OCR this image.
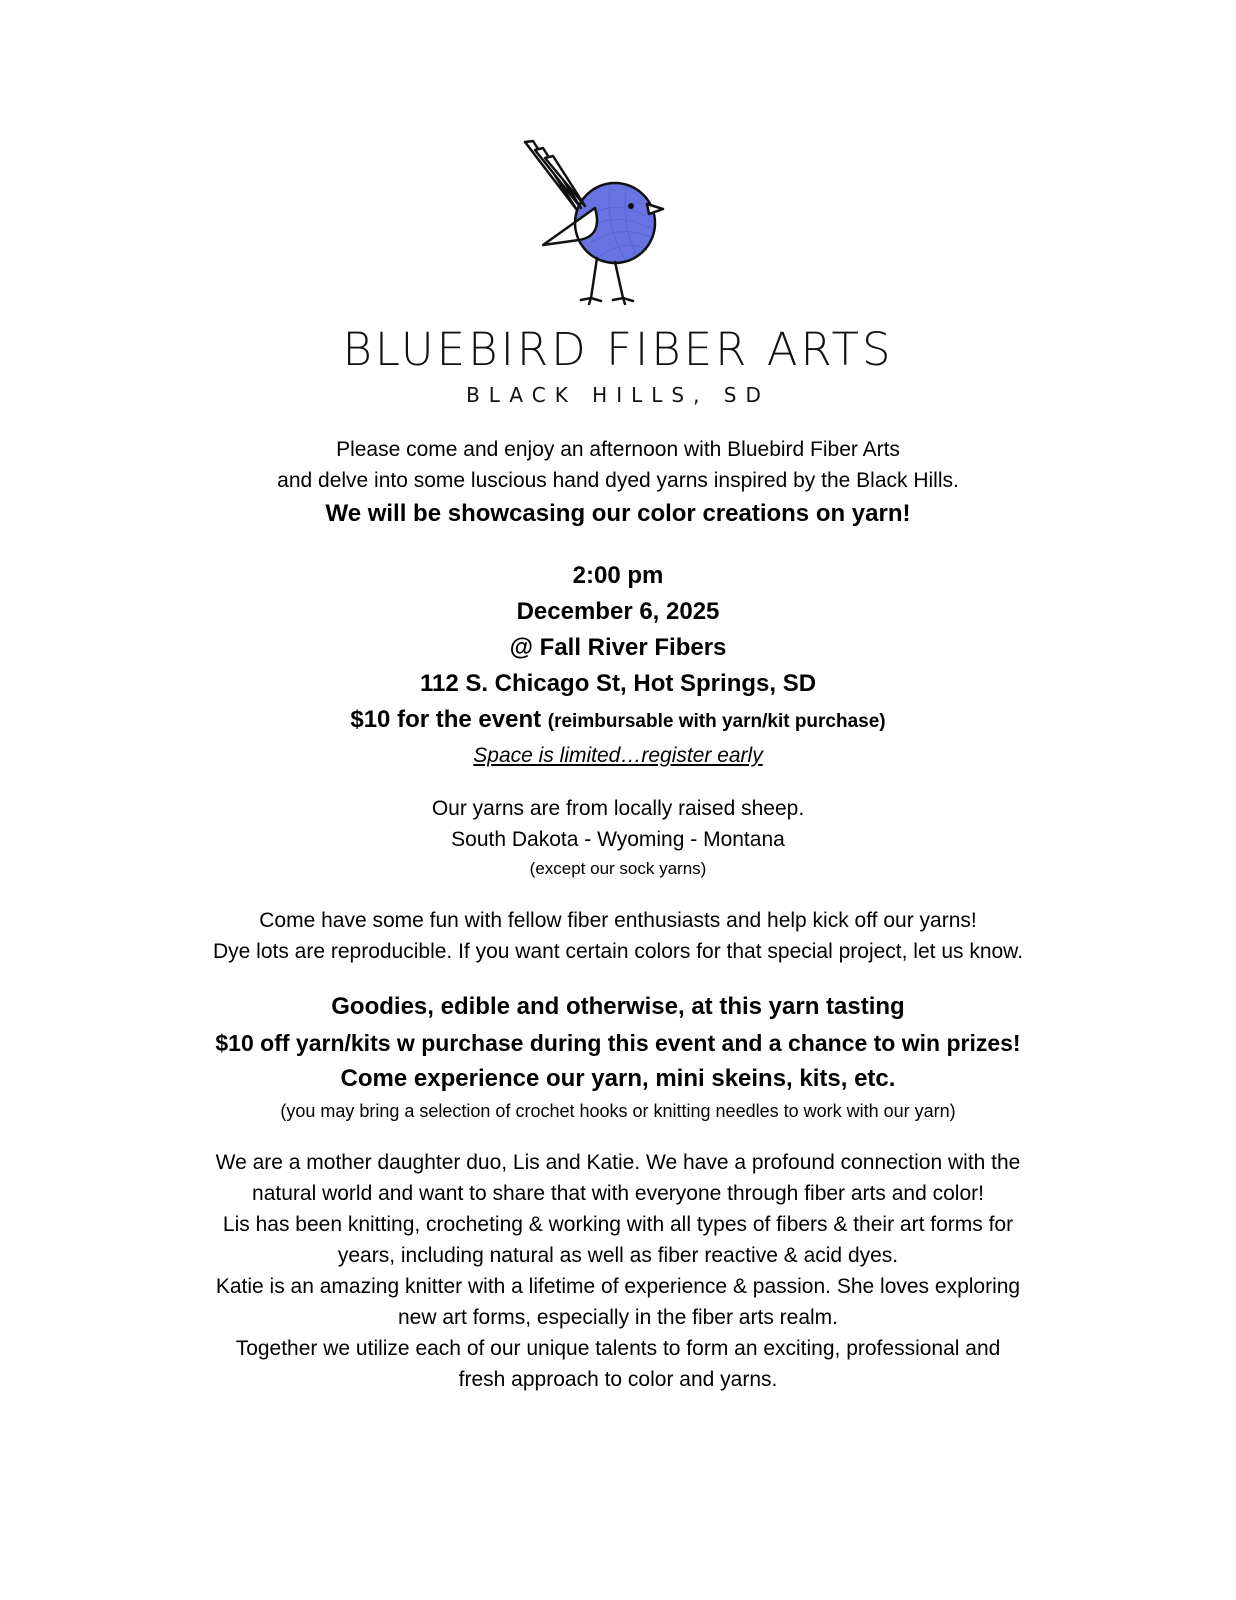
BLUEBIRD FIBER ARTS
BLACK HILLS, SD
Please come and enjoy an afternoon with Bluebird Fiber Arts
and delve into some luscious hand dyed yarns inspired by the Black Hills.
We will be showcasing our color creations on yarn!
2:00 pm
December 6, 2025
@ Fall River Fibers
112 S. Chicago St, Hot Springs, SD
$10 for the event (reimbursable with yarn/kit purchase)
Space is limited…register early
Our yarns are from locally raised sheep.
South Dakota - Wyoming - Montana
(except our sock yarns)
Come have some fun with fellow fiber enthusiasts and help kick off our yarns!
Dye lots are reproducible. If you want certain colors for that special project, let us know.
Goodies, edible and otherwise, at this yarn tasting
$10 off yarn/kits w purchase during this event and a chance to win prizes!
Come experience our yarn, mini skeins, kits, etc.
(you may bring a selection of crochet hooks or knitting needles to work with our yarn)
We are a mother daughter duo, Lis and Katie. We have a profound connection with the
natural world and want to share that with everyone through fiber arts and color!
Lis has been knitting, crocheting & working with all types of fibers & their art forms for
years, including natural as well as fiber reactive & acid dyes.
Katie is an amazing knitter with a lifetime of experience & passion. She loves exploring
new art forms, especially in the fiber arts realm.
Together we utilize each of our unique talents to form an exciting, professional and
fresh approach to color and yarns.
